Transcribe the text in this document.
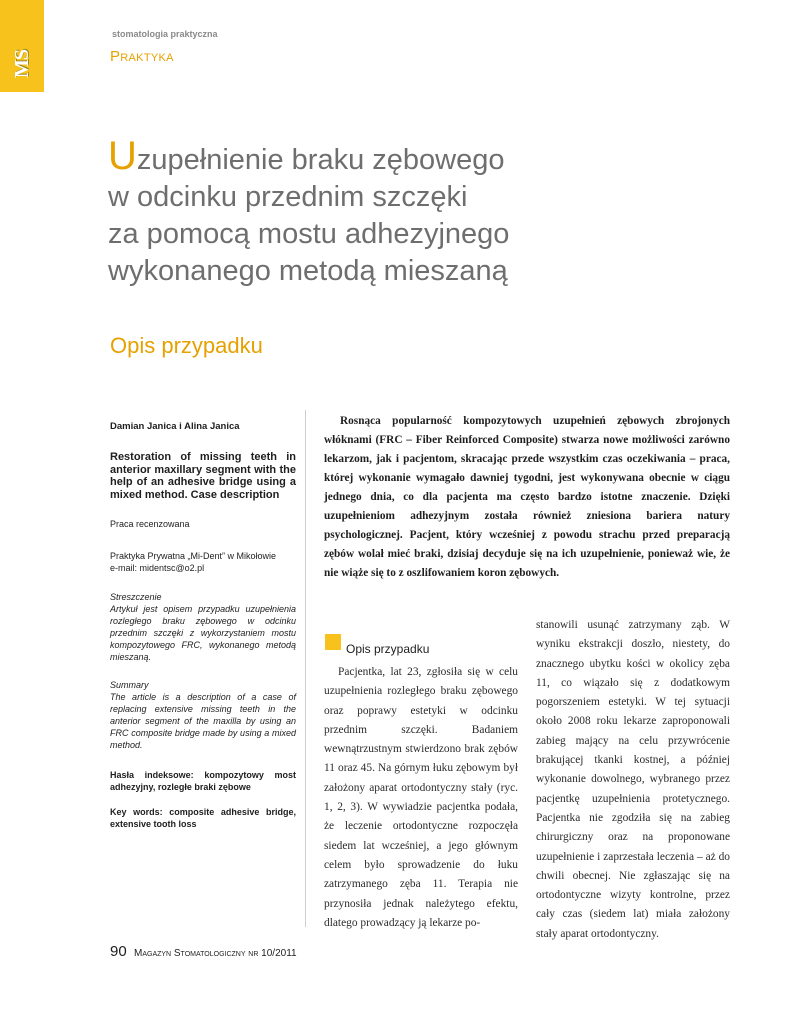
MS
stomatologia praktyczna
Praktyka
Uzupełnienie braku zębowego
w odcinku przednim szczęki
za pomocą mostu adhezyjnego
wykonanego metodą mieszaną
Opis przypadku
Damian Janica i Alina Janica
Restoration of missing teeth in anterior maxillary segment with the help of an adhesive bridge using a mixed method. Case description
Praca recenzowana
Praktyka Prywatna „Mi-Dent” w Mikołowie
e-mail: midentsc@o2.pl
Streszczenie
Artykuł jest opisem przypadku uzupełnienia rozległego braku zębowego w odcinku przednim szczęki z wykorzystaniem mostu kompozytowego FRC, wykonanego metodą mieszaną.
Summary
The article is a description of a case of replacing extensive missing teeth in the anterior segment of the maxilla by using an FRC composite bridge made by using a mixed method.
Hasła indeksowe: kompozytowy most adhezyjny, rozległe braki zębowe
Key words: composite adhesive bridge, extensive tooth loss

Rosnąca popularność kompozytowych uzupełnień zębowych zbrojonych włóknami (FRC – Fiber Reinforced Composite) stwarza nowe możliwości zarówno lekarzom, jak i pacjentom, skracając przede wszystkim czas oczekiwania – praca, której wykonanie wymagało dawniej tygodni, jest wykonywana obecnie w ciągu jednego dnia, co dla pacjenta ma często bardzo istotne znaczenie. Dzięki uzupełnieniom adhezyjnym została również zniesiona bariera natury psychologicznej. Pacjent, który wcześniej z powodu strachu przed preparacją zębów wolał mieć braki, dzisiaj decyduje się na ich uzupełnienie, ponieważ wie, że nie wiąże się to z oszlifowaniem koron zębowych.

Opis przypadku

Pacjentka, lat 23, zgłosiła się w celu uzupełnienia rozległego braku zębowego oraz poprawy estetyki w odcinku przednim szczęki. Badaniem wewnątrzustnym stwierdzono brak zębów 11 oraz 45. Na górnym łuku zębowym był założony aparat ortodontyczny stały (ryc. 1, 2, 3). W wywiadzie pacjentka podała, że leczenie ortodontyczne rozpoczęła siedem lat wcześniej, a jego głównym celem było sprowadzenie do łuku zatrzymanego zęba 11. Terapia nie przynosiła jednak należytego efektu, dlatego prowadzący ją lekarze po-

stanowili usunąć zatrzymany ząb. W wyniku ekstrakcji doszło, niestety, do znacznego ubytku kości w okolicy zęba 11, co wiązało się z dodatkowym pogorszeniem estetyki. W tej sytuacji około 2008 roku lekarze zaproponowali zabieg mający na celu przywrócenie brakującej tkanki kostnej, a później wykonanie dowolnego, wybranego przez pacjentkę uzupełnienia protetycznego. Pacjentka nie zgodziła się na zabieg chirurgiczny oraz na proponowane uzupełnienie i zaprzestała leczenia – aż do chwili obecnej. Nie zgłaszając się na ortodontyczne wizyty kontrolne, przez cały czas (siedem lat) miała założony stały aparat ortodontyczny.

90 Magazyn Stomatologiczny nr 10/2011
